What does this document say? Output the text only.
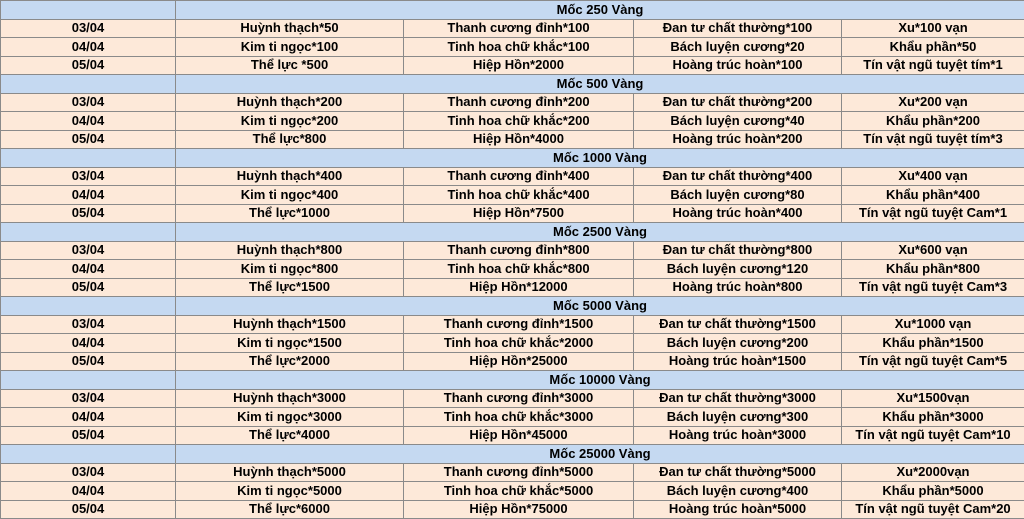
	Mốc 250 Vàng			
03/04	Huỳnh thạch*50	Thanh cương đỉnh*100	Đan tư chất thường*100	Xu*100 vạn
04/04	Kim ti ngọc*100	Tinh hoa chữ khắc*100	Bách luyện cương*20	Khẩu phần*50
05/04	Thể lực *500	Hiệp Hồn*2000	Hoàng trúc hoàn*100	Tín vật ngũ tuyệt tím*1
	Mốc 500 Vàng			
03/04	Huỳnh thạch*200	Thanh cương đỉnh*200	Đan tư chất thường*200	Xu*200 vạn
04/04	Kim ti ngọc*200	Tinh hoa chữ khắc*200	Bách luyện cương*40	Khẩu phần*200
05/04	Thể lực*800	Hiệp Hồn*4000	Hoàng trúc hoàn*200	Tín vật ngũ tuyệt tím*3
	Mốc 1000 Vàng			
03/04	Huỳnh thạch*400	Thanh cương đỉnh*400	Đan tư chất thường*400	Xu*400 vạn
04/04	Kim ti ngọc*400	Tinh hoa chữ khắc*400	Bách luyện cương*80	Khẩu phần*400
05/04	Thể lực*1000	Hiệp Hồn*7500	Hoàng trúc hoàn*400	Tín vật ngũ tuyệt Cam*1
	Mốc 2500 Vàng			
03/04	Huỳnh thạch*800	Thanh cương đỉnh*800	Đan tư chất thường*800	Xu*600 vạn
04/04	Kim ti ngọc*800	Tinh hoa chữ khắc*800	Bách luyện cương*120	Khẩu phần*800
05/04	Thể lực*1500	Hiệp Hồn*12000	Hoàng trúc hoàn*800	Tín vật ngũ tuyệt Cam*3
	Mốc 5000 Vàng			
03/04	Huỳnh thạch*1500	Thanh cương đỉnh*1500	Đan tư chất thường*1500	Xu*1000 vạn
04/04	Kim ti ngọc*1500	Tinh hoa chữ khắc*2000	Bách luyện cương*200	Khẩu phần*1500
05/04	Thể lực*2000	Hiệp Hồn*25000	Hoàng trúc hoàn*1500	Tín vật ngũ tuyệt Cam*5
	Mốc 10000 Vàng			
03/04	Huỳnh thạch*3000	Thanh cương đỉnh*3000	Đan tư chất thường*3000	Xu*1500vạn
04/04	Kim ti ngọc*3000	Tinh hoa chữ khắc*3000	Bách luyện cương*300	Khẩu phần*3000
05/04	Thể lực*4000	Hiệp Hồn*45000	Hoàng trúc hoàn*3000	Tín vật ngũ tuyệt Cam*10
	Mốc 25000 Vàng			
03/04	Huỳnh thạch*5000	Thanh cương đỉnh*5000	Đan tư chất thường*5000	Xu*2000vạn
04/04	Kim ti ngọc*5000	Tinh hoa chữ khắc*5000	Bách luyện cương*400	Khẩu phần*5000
05/04	Thể lực*6000	Hiệp Hồn*75000	Hoàng trúc hoàn*5000	Tín vật ngũ tuyệt Cam*20
